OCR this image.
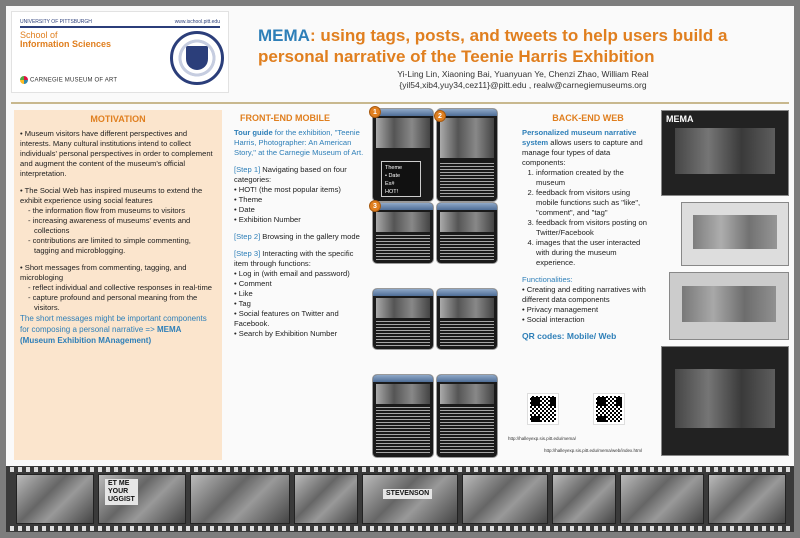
UNIVERSITY OF PITTSBURGH	www.ischool.pitt.edu
School of
Information Sciences
CARNEGIE MUSEUM OF ART
MEMA: using tags, posts, and tweets to help users build a personal narrative of the Teenie Harris Exhibition
Yi-Ling Lin, Xiaoning Bai, Yuanyuan Ye, Chenzi Zhao, William Real
{yil54,xib4,yuy34,cez11}@pitt.edu , realw@carnegiemuseums.org
MOTIVATION

• Museum visitors have different perspectives and interests. Many cultural institutions intend to collect individuals' personal perspectives in order to complement and augment the content of the museum's official interpretation.

• The Social Web has inspired museums to extend the exhibit experience using social features

- the information flow from museums to visitors

- increasing awareness of museums' events and collections

- contributions are limited to simple commenting, tagging and microblogging.

• Short messages from commenting, tagging, and microbloging

- reflect individual and collective responses in real-time

- capture profound and personal meaning from the visitors.

The short messages might be important components for composing a personal narrative => MEMA (Museum Exhibition MAnagement)

FRONT-END MOBILE

Tour guide for the exhibition, "Teenie Harris, Photographer: An American Story," at the Carnegie Museum of Art.

[Step 1] Navigating based on four categories:

• HOT! (the most popular items)

• Theme

• Date

• Exhibition Number

[Step 2] Browsing in the gallery mode

[Step 3] Interacting with the specific item through functions:

• Log in (with email and password)

• Comment

• Like

• Tag

• Social features on Twitter and Facebook.

• Search by Exhibition Number

Theme
• Date
Ex#
HOT!
1
2
3
BACK-END WEB

Personalized museum narrative system allows users to capture and manage four types of data components:

1. information created by the museum
2. feedback from visitors using mobile functions such as "like", "comment", and "tag"
3. feedback from visitors posting on Twitter/Facebook
4. images that the user interacted with during the museum experience.

Functionalities:

• Creating and editing narratives with different data components
• Privacy management
• Social interaction

QR codes: Mobile/ Web

http://halleyexp.sis.pitt.edu/mema/
http://halleyexp.sis.pitt.edu/mema/web/index.html
MEMA
ET ME
YOUR
UGGIST
STEVENSON
